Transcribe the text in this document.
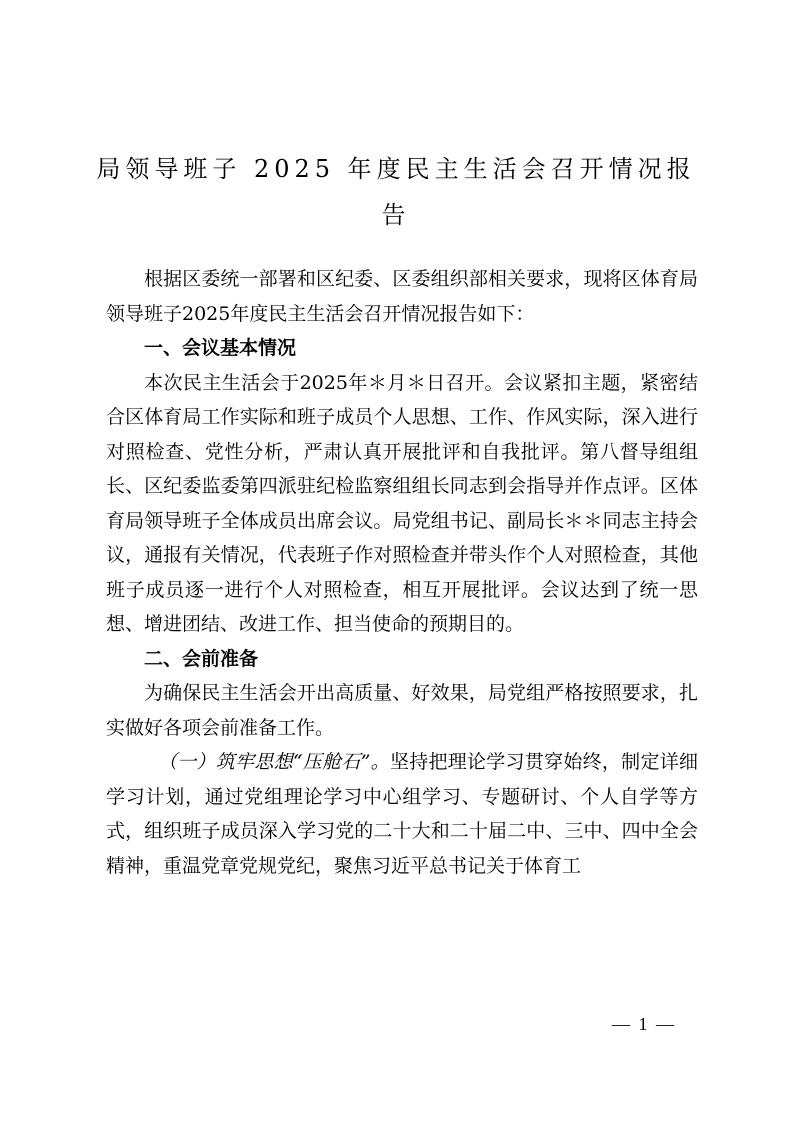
局领导班子 2025 年度民主生活会召开情况报告

根据区委统一部署和区纪委、区委组织部相关要求，现将区体育局领导班子2025年度民主生活会召开情况报告如下：

一、会议基本情况

本次民主生活会于2025年＊月＊日召开。会议紧扣主题，紧密结合区体育局工作实际和班子成员个人思想、工作、作风实际，深入进行对照检查、党性分析，严肃认真开展批评和自我批评。第八督导组组长、区纪委监委第四派驻纪检监察组组长同志到会指导并作点评。区体育局领导班子全体成员出席会议。局党组书记、副局长＊＊同志主持会议，通报有关情况，代表班子作对照检查并带头作个人对照检查，其他班子成员逐一进行个人对照检查，相互开展批评。会议达到了统一思想、增进团结、改进工作、担当使命的预期目的。

二、会前准备

为确保民主生活会开出高质量、好效果，局党组严格按照要求，扎实做好各项会前准备工作。

（一）筑牢思想“压舱石”。坚持把理论学习贯穿始终，制定详细学习计划，通过党组理论学习中心组学习、专题研讨、个人自学等方式，组织班子成员深入学习党的二十大和二十届二中、三中、四中全会精神，重温党章党规党纪，聚焦习近平总书记关于体育工

— 1 —
